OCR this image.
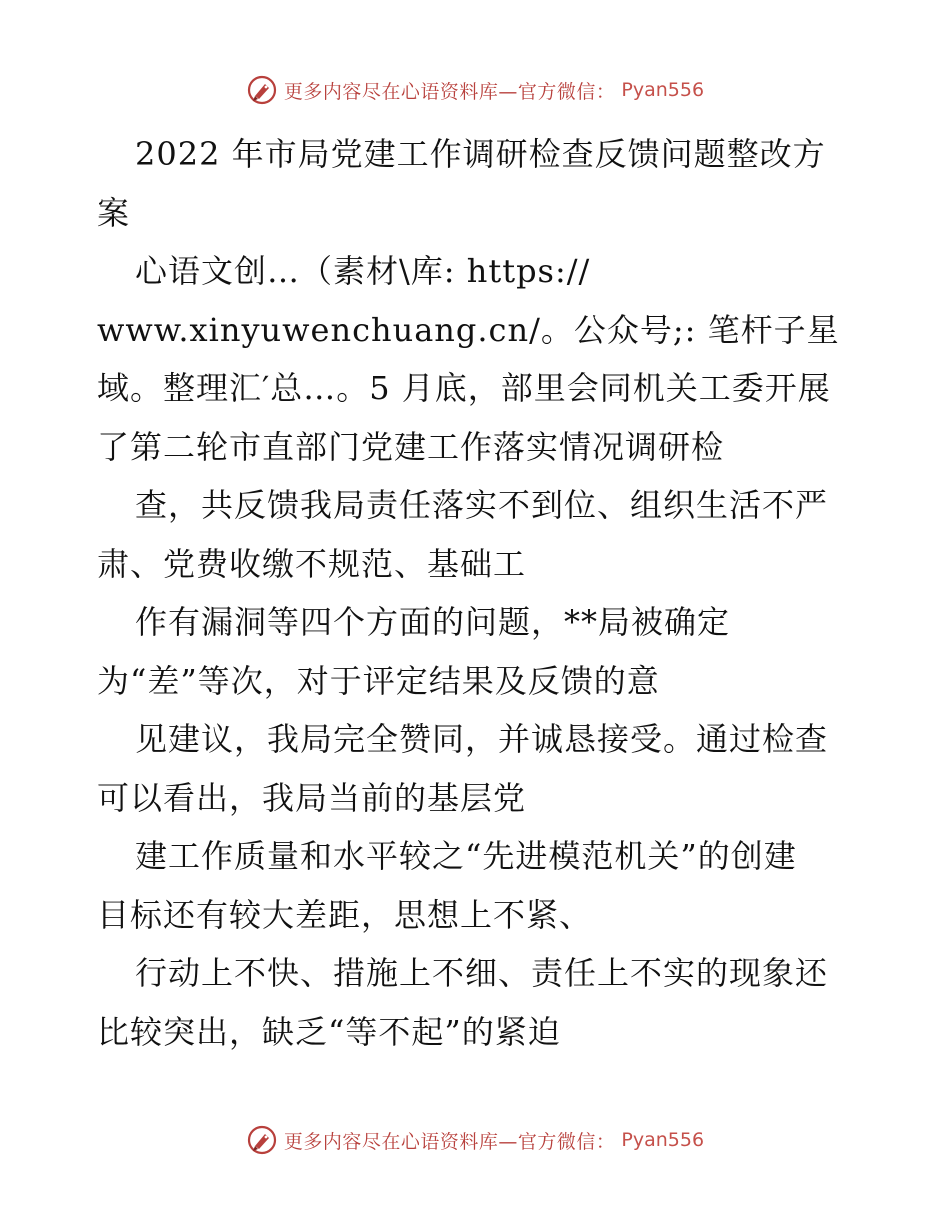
更多内容尽在心语资料库—官方微信： Pyan556
2022 年市局党建工作调研检查反馈问题整改方
案
心语文创…（素材\库: https://
www.xinyuwenchuang.cn/。公众号;: 笔杆子星
域。整理汇′总…。5 月底，部里会同机关工委开展
了第二轮市直部门党建工作落实情况调研检
查，共反馈我局责任落实不到位、组织生活不严
肃、党费收缴不规范、基础工
作有漏洞等四个方面的问题，**局被确定
为“差”等次，对于评定结果及反馈的意
见建议，我局完全赞同，并诚恳接受。通过检查
可以看出，我局当前的基层党
建工作质量和水平较之“先进模范机关”的创建
目标还有较大差距，思想上不紧、
行动上不快、措施上不细、责任上不实的现象还
比较突出，缺乏“等不起”的紧迫
更多内容尽在心语资料库—官方微信： Pyan556
